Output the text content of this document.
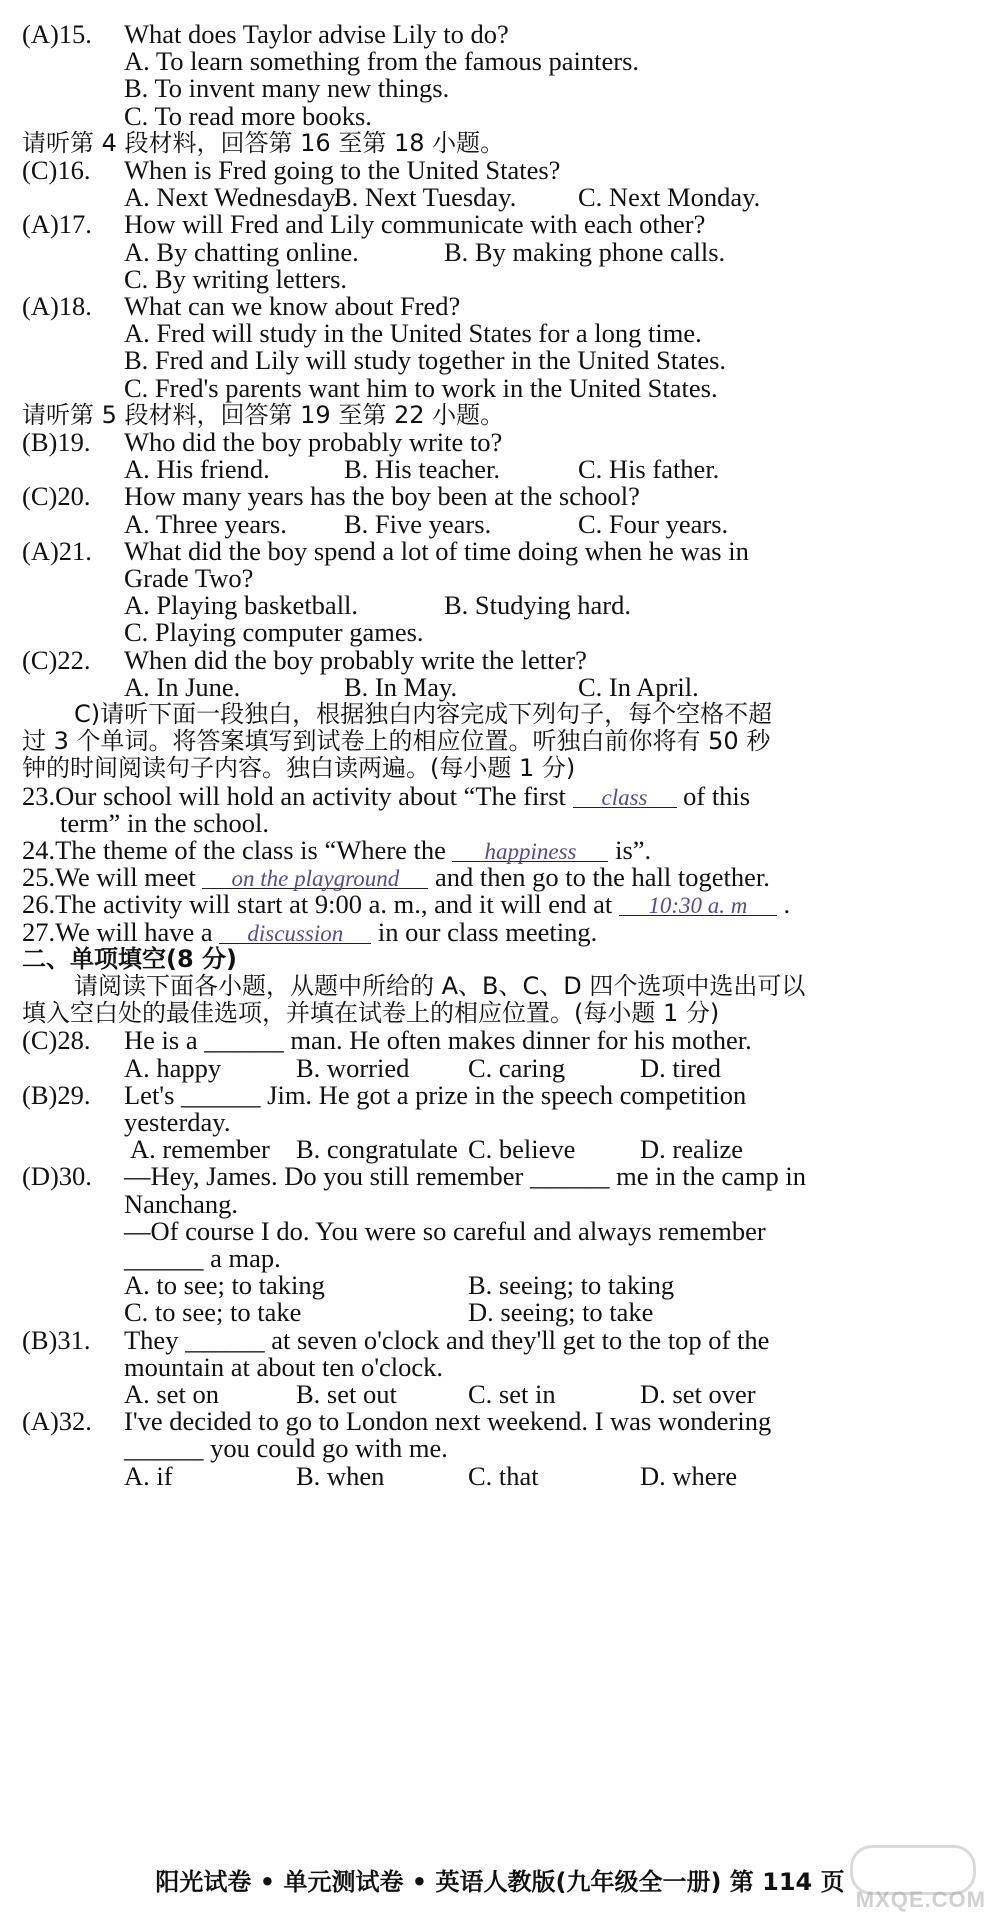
(A)15. What does Taylor advise Lily to do?
A. To learn something from the famous painters.
B. To invent many new things.
C. To read more books.
请听第 4 段材料，回答第 16 至第 18 小题。
(C)16. When is Fred going to the United States?
A. Next Wednesday.
B. Next Tuesday. C. Next Monday.
(A)17. How will Fred and Lily communicate with each other?
A. By chatting online.	B. By making phone calls.
C. By writing letters.
(A)18. What can we know about Fred?
A. Fred will study in the United States for a long time.
B. Fred and Lily will study together in the United States.
C. Fred's parents want him to work in the United States.
请听第 5 段材料，回答第 19 至第 22 小题。
(B)19. Who did the boy probably write to?
A. His friend.	B. His teacher.	C. His father.
(C)20. How many years has the boy been at the school?
A. Three years. B. Five years.	C. Four years.
(A)21. What did the boy spend a lot of time doing when he was in
Grade Two?
A. Playing basketball.	B. Studying hard.
C. Playing computer games.
(C)22. When did the boy probably write the letter?
A. In June.	B. In May.	C. In April.
C)请听下面一段独白，根据独白内容完成下列句子，每个空格不超
过 3 个单词。将答案填写到试卷上的相应位置。听独白前你将有 50 秒
钟的时间阅读句子内容。独白读两遍。(每小题 1 分)
23.Our school will hold an activity about “The first class of this
term” in the school.
24.The theme of the class is “Where the happiness is”.
25.We will meet on the playground and then go to the hall together.
26.The activity will start at 9:00 a. m., and it will end at 10:30 a. m .
27.We will have a discussion in our class meeting.
二、单项填空(8 分)
请阅读下面各小题，从题中所给的 A、B、C、D 四个选项中选出可以
填入空白处的最佳选项，并填在试卷上的相应位置。(每小题 1 分)
(C)28. He is a ______ man. He often makes dinner for his mother.
A. happy	B. worried C. caring	D. tired
(B)29. Let's ______ Jim. He got a prize in the speech competition
yesterday.
A. remember B. congratulate C. believe D. realize
(D)30. —Hey, James. Do you still remember ______ me in the camp in
Nanchang.
—Of course I do. You were so careful and always remember
______ a map.
A. to see; to taking	B. seeing; to taking
C. to see; to take	D. seeing; to take
(B)31. They ______ at seven o'clock and they'll get to the top of the
mountain at about ten o'clock.
A. set on	B. set out	C. set in	D. set over
(A)32. I've decided to go to London next weekend. I was wondering
______ you could go with me.
A. if	B. when	C. that	D. where
阳光试卷 • 单元测试卷 • 英语人教版(九年级全一册) 第 114 页
MXQE.COM
